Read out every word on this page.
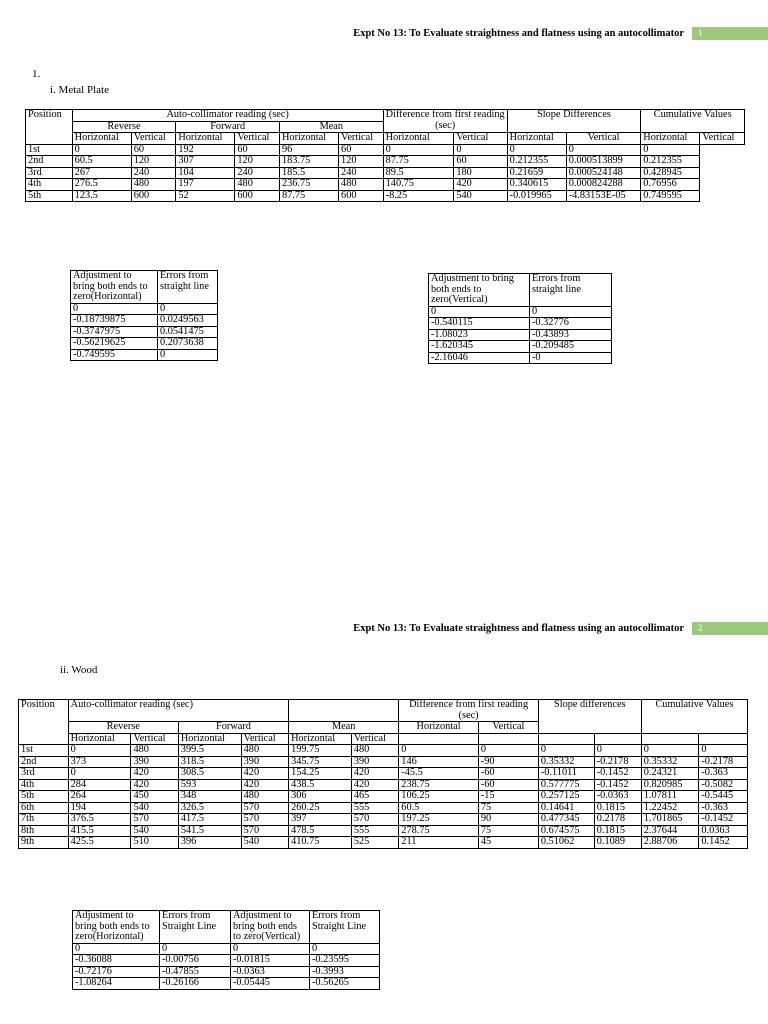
Expt No 13: To Evaluate straightness and flatness using an autocollimator	1
1.
i. Metal Plate
Position	Auto-collimator reading (sec)						Difference from first reading (sec)		Slope Differences		Cumulative Values	
	Reverse		Forward		Mean							
	Horizontal	Vertical	Horizontal	Vertical	Horizontal	Vertical	Horizontal	Vertical	Horizontal	Vertical	Horizontal	Vertical
1st	0	60	192	60	96	60	0	0	0	0	0	
2nd	60.5	120	307	120	183.75	120	87.75	60	0.212355	0.000513899	0.212355	
3rd	267	240	104	240	185.5	240	89.5	180	0.21659	0.000524148	0.428945	
4th	276.5	480	197	480	236.75	480	140.75	420	0.340615	0.000824288	0.76956	
5th	123.5	600	52	600	87.75	600	-8.25	540	-0.019965	-4.83153E-05	0.749595	
Adjustment to bring both ends to zero(Horizontal)	Errors from straight line
0	0
-0.18739875	0.0249563
-0.3747975	0.0541475
-0.56219625	0.2073638
-0.749595	0
Adjustment to bring both ends to zero(Vertical)	Errors from straight line
0	0
-0.540115	-0.32776
-1.08023	-0.43893
-1.620345	-0.209485
-2.16046	-0
Expt No 13: To Evaluate straightness and flatness using an autocollimator	2
ii. Wood
Position	Auto-collimator reading (sec)						Difference from first reading (sec)		Slope differences		Cumulative Values	
	Reverse		Forward		Mean		Horizontal	Vertical				
	Horizontal	Vertical	Horizontal	Vertical	Horizontal	Vertical						
1st	0	480	399.5	480	199.75	480	0	0	0	0	0	0
2nd	373	390	318.5	390	345.75	390	146	-90	0.35332	-0.2178	0.35332	-0.2178
3rd	0	420	308.5	420	154.25	420	-45.5	-60	-0.11011	-0.1452	0.24321	-0.363
4th	284	420	593	420	438.5	420	238.75	-60	0.577775	-0.1452	0.820985	-0.5082
5th	264	450	348	480	306	465	106.25	-15	0.257125	-0.0363	1.07811	-0.5445
6th	194	540	326.5	570	260.25	555	60.5	75	0.14641	0.1815	1.22452	-0.363
7th	376.5	570	417.5	570	397	570	197.25	90	0.477345	0.2178	1.701865	-0.1452
8th	415.5	540	541.5	570	478.5	555	278.75	75	0.674575	0.1815	2.37644	0.0363
9th	425.5	510	396	540	410.75	525	211	45	0.51062	0.1089	2.88706	0.1452
Adjustment to bring both ends to zero(Horizontal)	Errors from Straight Line	Adjustment to bring both ends to zero(Vertical)	Errors from Straight Line
0	0	0	0
-0.36088	-0.00756	-0.01815	-0.23595
-0.72176	-0.47855	-0.0363	-0.3993
-1.08264	-0.26166	-0.05445	-0.56265
